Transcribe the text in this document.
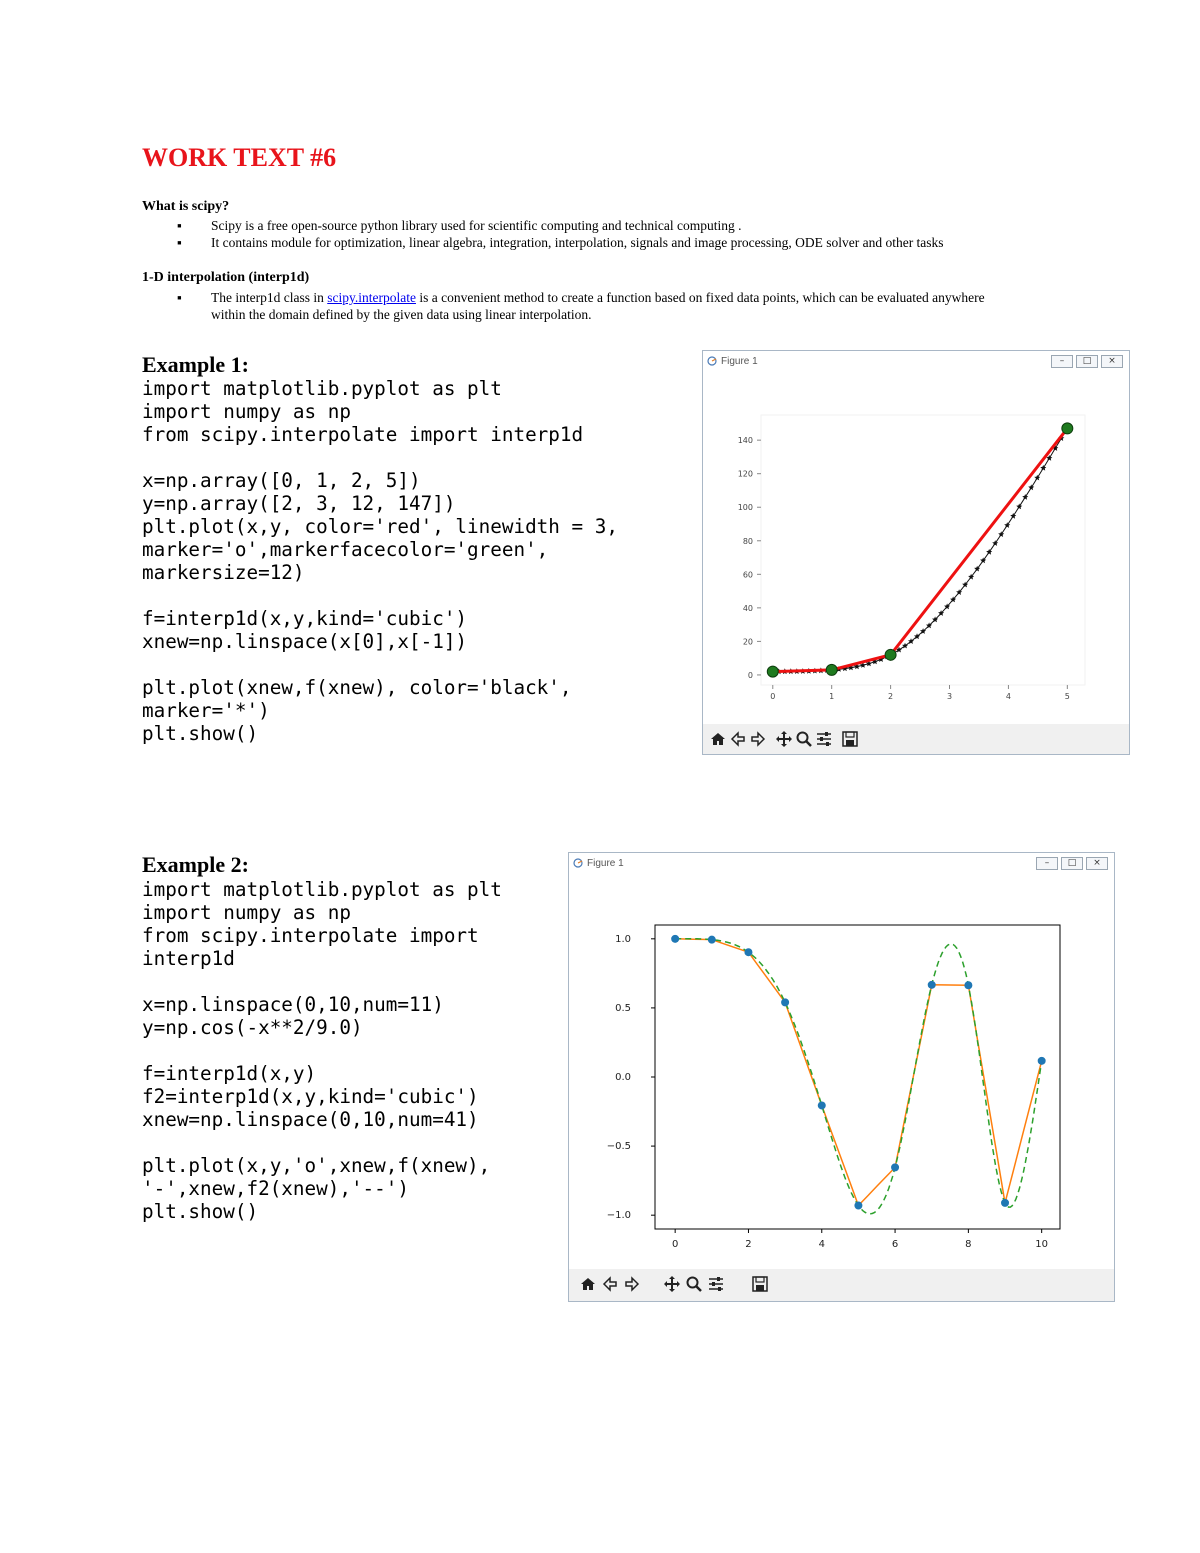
WORK TEXT #6
What is scipy?
▪ Scipy is a free open-source python library used for scientific computing and technical computing .
▪ It contains module for optimization, linear algebra, integration, interpolation, signals and image processing, ODE solver and other tasks
1-D interpolation (interp1d)
▪ The interp1d class in scipy.interpolate is a convenient method to create a function based on fixed data points, which can be evaluated anywhere within the domain defined by the given data using linear interpolation.
Example 1:
import matplotlib.pyplot as plt
import numpy as np
from scipy.interpolate import interp1d

x=np.array([0, 1, 2, 5])
y=np.array([2, 3, 12, 147])
plt.plot(x,y, color='red', linewidth = 3,
marker='o',markerfacecolor='green',
markersize=12)

f=interp1d(x,y,kind='cubic')
xnew=np.linspace(x[0],x[-1])

plt.plot(xnew,f(xnew), color='black',
marker='*')
plt.show()
Figure 1	–	□	×
0
20
40
60
80
100
120
140
0	1	2	3	4	5
Example 2:
import matplotlib.pyplot as plt
import numpy as np
from scipy.interpolate import
interp1d

x=np.linspace(0,10,num=11)
y=np.cos(-x**2/9.0)

f=interp1d(x,y)
f2=interp1d(x,y,kind='cubic')
xnew=np.linspace(0,10,num=41)

plt.plot(x,y,'o',xnew,f(xnew),
'-',xnew,f2(xnew),'--')
plt.show()
Figure 1	–	□	×
1.0
0.5
0.0
−0.5
−1.0
0	2	4	6	8	10
